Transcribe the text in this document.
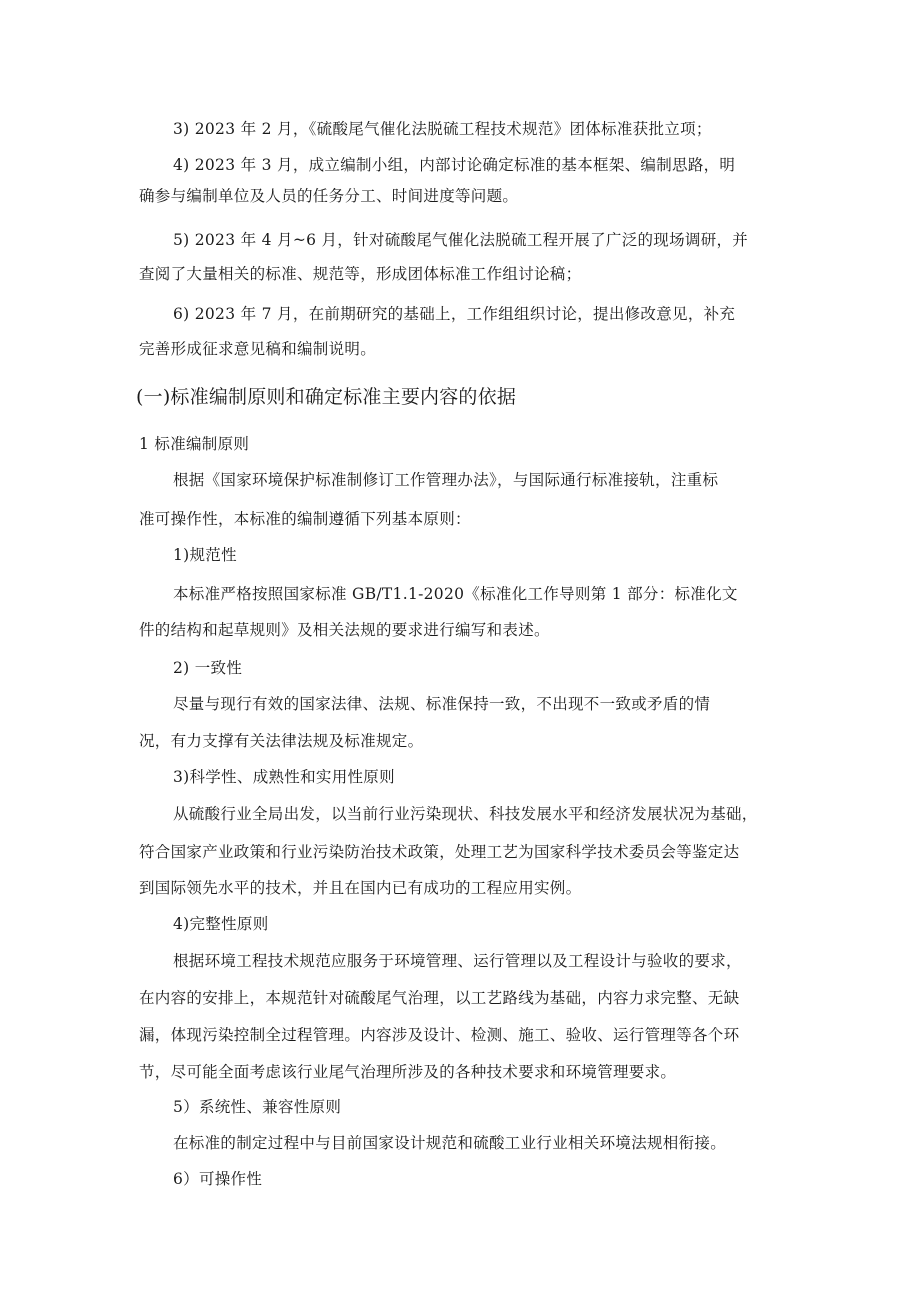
3) 2023 年 2 月，《硫酸尾气催化法脱硫工程技术规范》团体标准获批立项；
4) 2023 年 3 月，成立编制小组，内部讨论确定标准的基本框架、编制思路，明
确参与编制单位及人员的任务分工、时间进度等问题。
5) 2023 年 4 月~6 月，针对硫酸尾气催化法脱硫工程开展了广泛的现场调研，并
查阅了大量相关的标准、规范等，形成团体标准工作组讨论稿；
6) 2023 年 7 月，在前期研究的基础上，工作组组织讨论，提出修改意见，补充
完善形成征求意见稿和编制说明。
(一)标准编制原则和确定标准主要内容的依据
1 标准编制原则
根据《国家环境保护标准制修订工作管理办法》，与国际通行标准接轨，注重标
准可操作性，本标准的编制遵循下列基本原则：
1)规范性
本标准严格按照国家标准 GB/T1.1-2020《标准化工作导则第 1 部分：标准化文
件的结构和起草规则》及相关法规的要求进行编写和表述。
2) 一致性
尽量与现行有效的国家法律、法规、标准保持一致，不出现不一致或矛盾的情
况，有力支撑有关法律法规及标准规定。
3)科学性、成熟性和实用性原则
从硫酸行业全局出发，以当前行业污染现状、科技发展水平和经济发展状况为基础，
符合国家产业政策和行业污染防治技术政策，处理工艺为国家科学技术委员会等鉴定达
到国际领先水平的技术，并且在国内已有成功的工程应用实例。
4)完整性原则
根据环境工程技术规范应服务于环境管理、运行管理以及工程设计与验收的要求，
在内容的安排上，本规范针对硫酸尾气治理，以工艺路线为基础，内容力求完整、无缺
漏，体现污染控制全过程管理。内容涉及设计、检测、施工、验收、运行管理等各个环
节，尽可能全面考虑该行业尾气治理所涉及的各种技术要求和环境管理要求。
5）系统性、兼容性原则
在标准的制定过程中与目前国家设计规范和硫酸工业行业相关环境法规相衔接。
6）可操作性
